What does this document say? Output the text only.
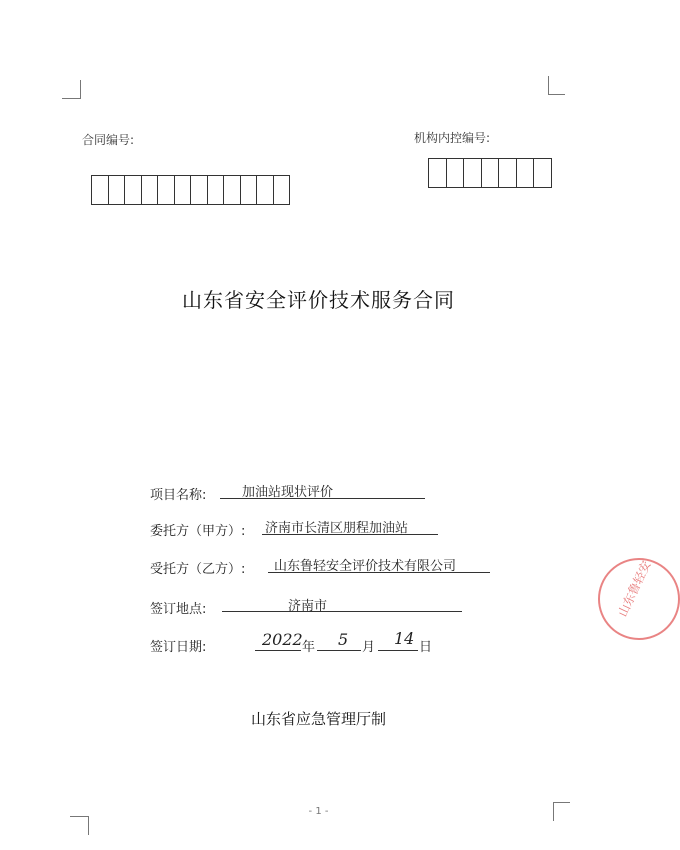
合同编号:	机构内控编号:
山东省安全评价技术服务合同
项目名称:	加油站现状评价
委托方（甲方）: 济南市长清区朋程加油站
受托方（乙方）: 山东鲁轻安全评价技术有限公司
签订地点:	济南市
签订日期:	2022 年 5 月 14 日
山东省应急管理厅制
- 1 -
山东鲁轻安
